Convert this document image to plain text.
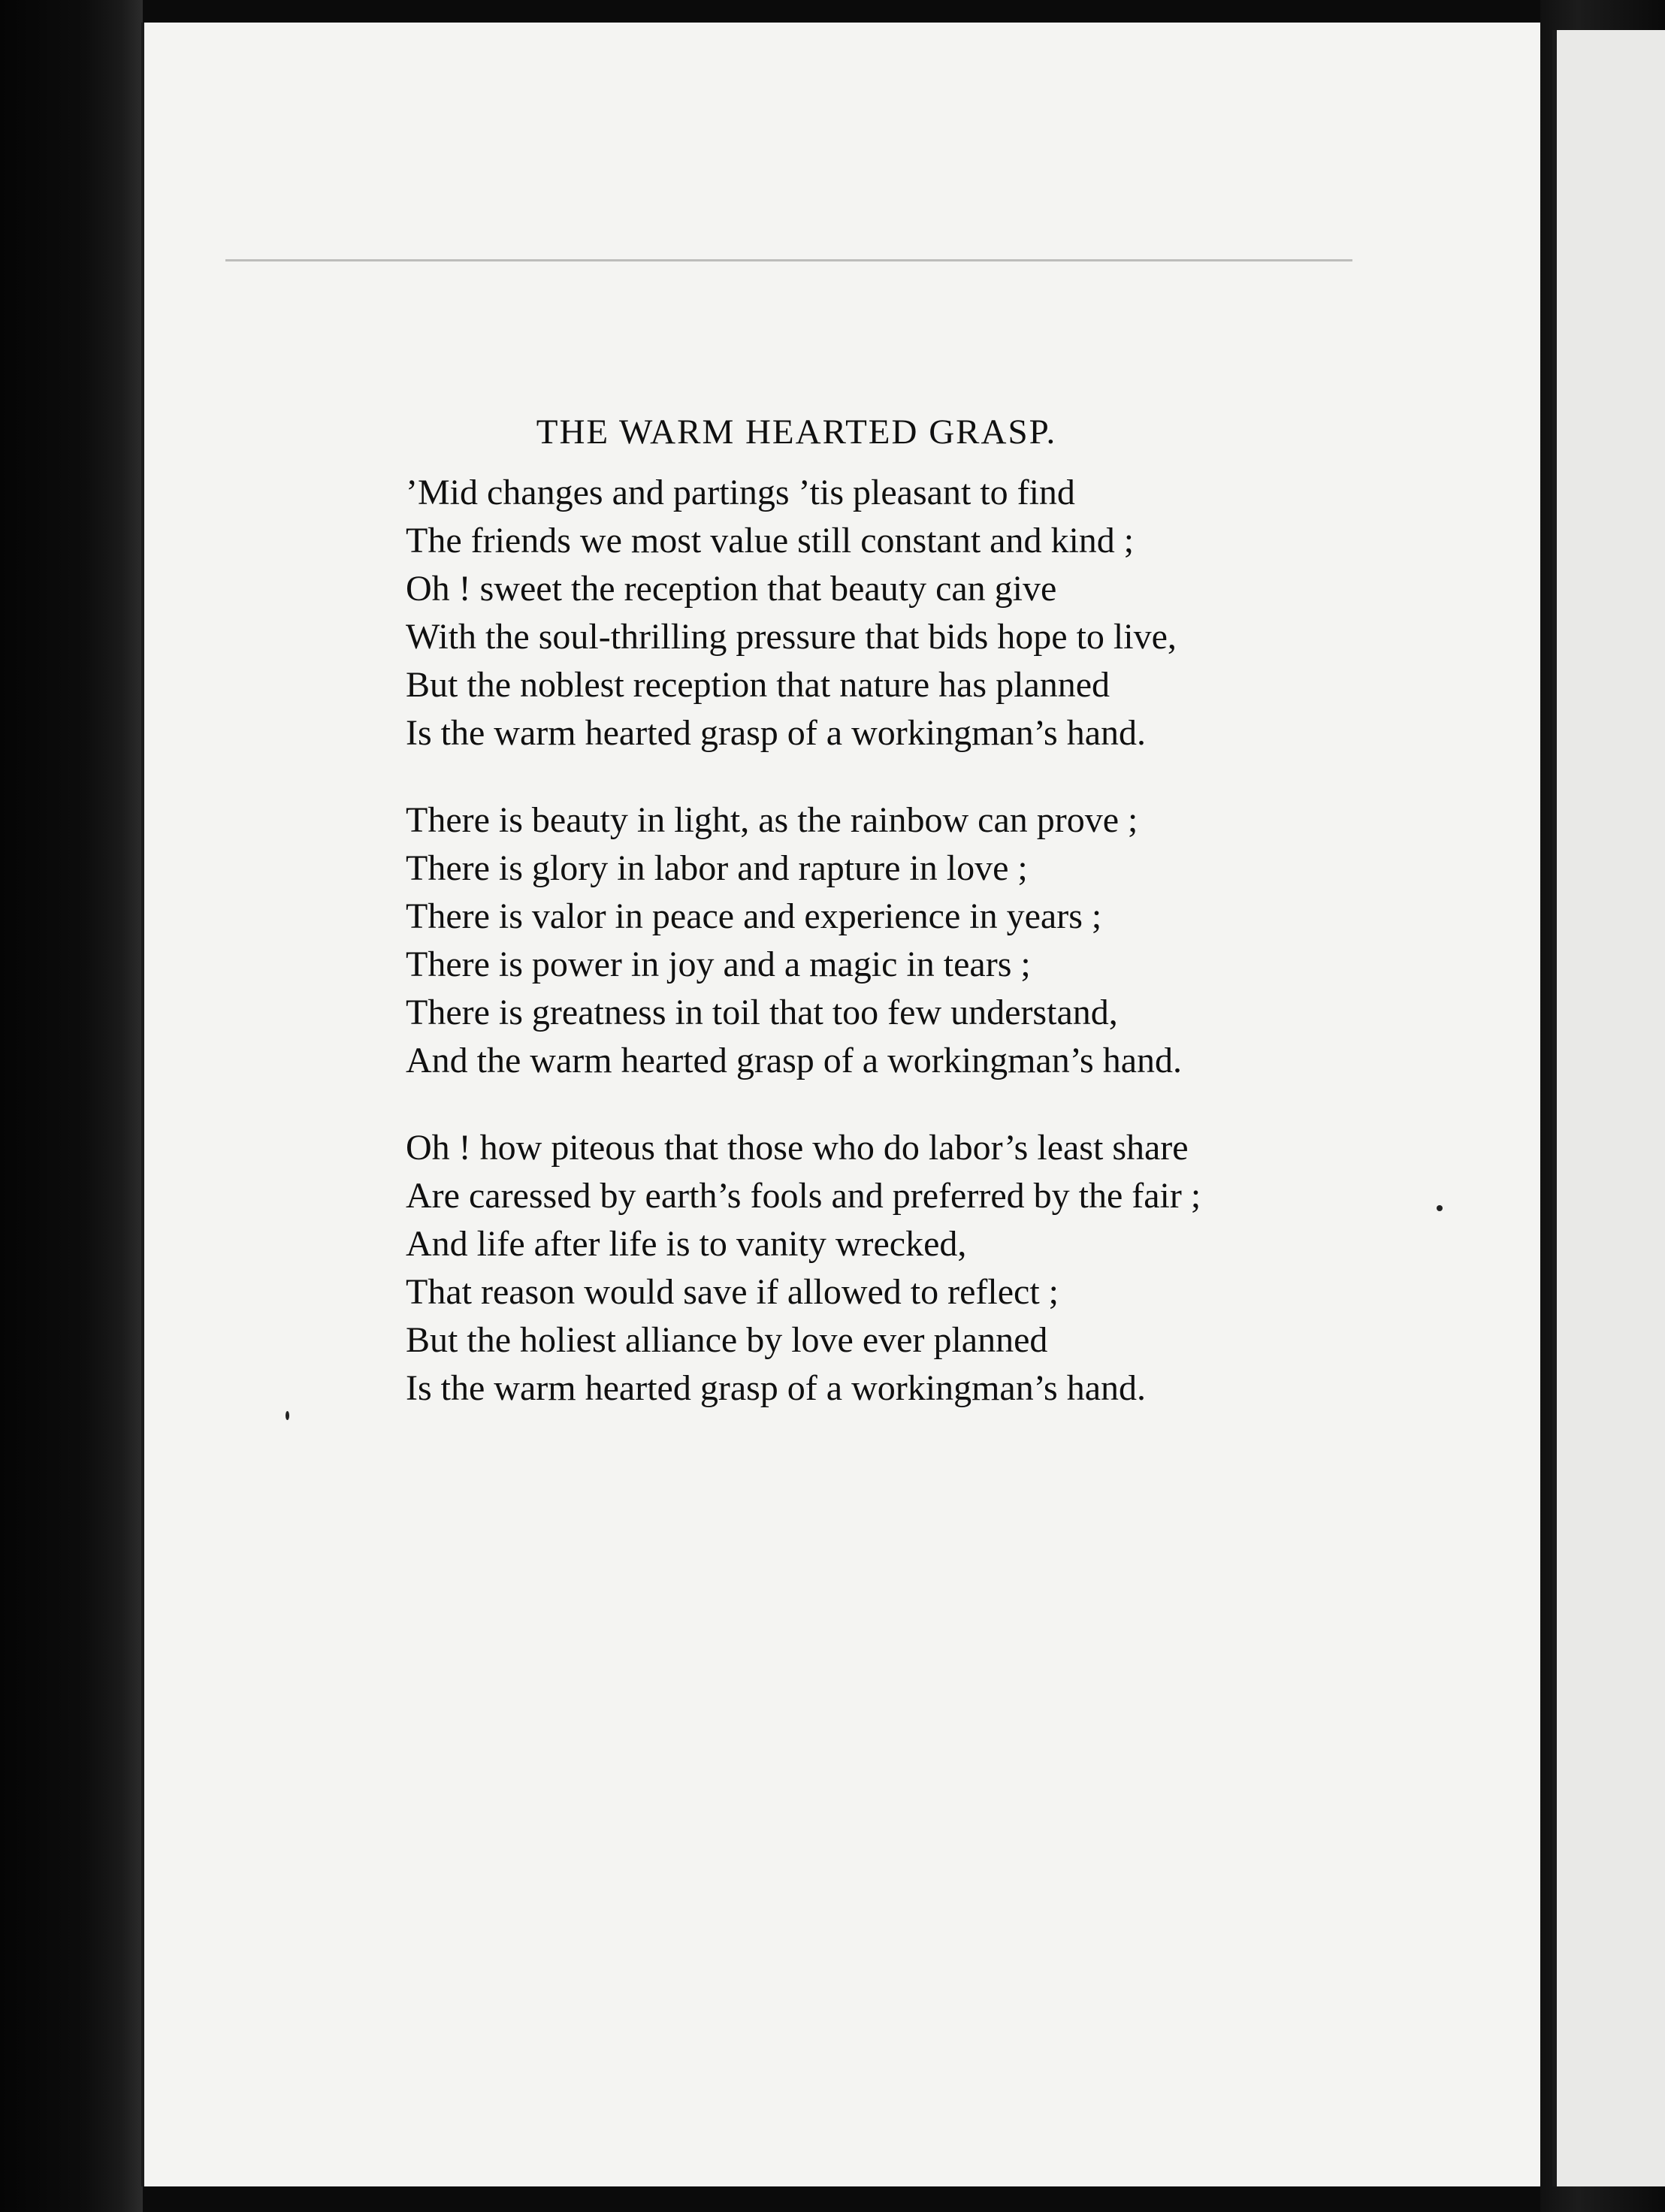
THE WARM HEARTED GRASP.
’Mid changes and partings ’tis pleasant to find
The friends we most value still constant and kind ;
Oh ! sweet the reception that beauty can give
With the soul-thrilling pressure that bids hope to live,
But the noblest reception that nature has planned
Is the warm hearted grasp of a workingman’s hand.
There is beauty in light, as the rainbow can prove ;
There is glory in labor and rapture in love ;
There is valor in peace and experience in years ;
There is power in joy and a magic in tears ;
There is greatness in toil that too few understand,
And the warm hearted grasp of a workingman’s hand.
Oh ! how piteous that those who do labor’s least share
Are caressed by earth’s fools and preferred by the fair ;
And life after life is to vanity wrecked,
That reason would save if allowed to reflect ;
But the holiest alliance by love ever planned
Is the warm hearted grasp of a workingman’s hand.
